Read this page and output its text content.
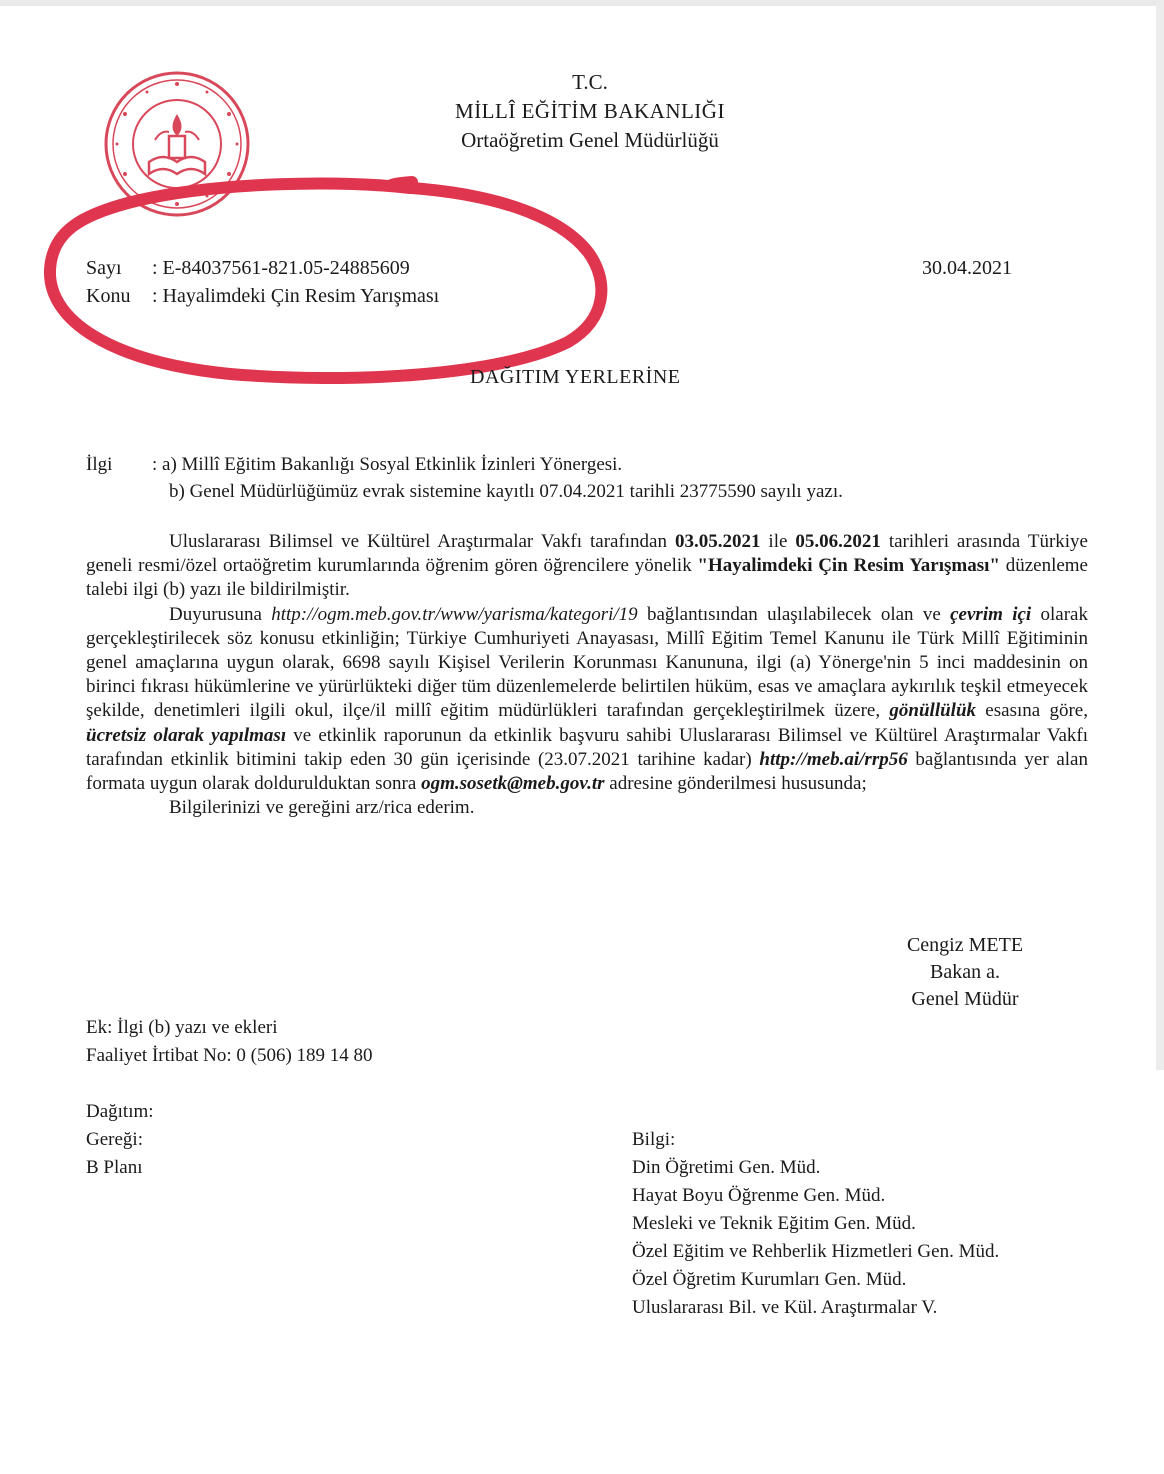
T.C.
MİLLÎ EĞİTİM BAKANLIĞI
Ortaöğretim Genel Müdürlüğü
Sayı : E-84037561-821.05-24885609
Konu : Hayalimdeki Çin Resim Yarışması
30.04.2021
DAĞITIM YERLERİNE
İlgi : a) Millî Eğitim Bakanlığı Sosyal Etkinlik İzinleri Yönergesi.
b) Genel Müdürlüğümüz evrak sistemine kayıtlı 07.04.2021 tarihli 23775590 sayılı yazı.

Uluslararası Bilimsel ve Kültürel Araştırmalar Vakfı tarafından 03.05.2021 ile 05.06.2021 tarihleri arasında Türkiye geneli resmi/özel ortaöğretim kurumlarında öğrenim gören öğrencilere yönelik "Hayalimdeki Çin Resim Yarışması" düzenleme talebi ilgi (b) yazı ile bildirilmiştir.

Duyurusuna http://ogm.meb.gov.tr/www/yarisma/kategori/19 bağlantısından ulaşılabilecek olan ve çevrim içi olarak gerçekleştirilecek söz konusu etkinliğin; Türkiye Cumhuriyeti Anayasası, Millî Eğitim Temel Kanunu ile Türk Millî Eğitiminin genel amaçlarına uygun olarak, 6698 sayılı Kişisel Verilerin Korunması Kanununa, ilgi (a) Yönerge'nin 5 inci maddesinin on birinci fıkrası hükümlerine ve yürürlükteki diğer tüm düzenlemelerde belirtilen hüküm, esas ve amaçlara aykırılık teşkil etmeyecek şekilde, denetimleri ilgili okul, ilçe/il millî eğitim müdürlükleri tarafından gerçekleştirilmek üzere, gönüllülük esasına göre, ücretsiz olarak yapılması ve etkinlik raporunun da etkinlik başvuru sahibi Uluslararası Bilimsel ve Kültürel Araştırmalar Vakfı tarafından etkinlik bitimini takip eden 30 gün içerisinde (23.07.2021 tarihine kadar) http://meb.ai/rrp56 bağlantısında yer alan formata uygun olarak doldurulduktan sonra ogm.sosetk@meb.gov.tr adresine gönderilmesi hususunda;

Bilgilerinizi ve gereğini arz/rica ederim.

Cengiz METE
Bakan a.
Genel Müdür
Ek: İlgi (b) yazı ve ekleri
Faaliyet İrtibat No: 0 (506) 189 14 80
Dağıtım:
Gereği:
B Planı
Bilgi:
Din Öğretimi Gen. Müd.
Hayat Boyu Öğrenme Gen. Müd.
Mesleki ve Teknik Eğitim Gen. Müd.
Özel Eğitim ve Rehberlik Hizmetleri Gen. Müd.
Özel Öğretim Kurumları Gen. Müd.
Uluslararası Bil. ve Kül. Araştırmalar V.
